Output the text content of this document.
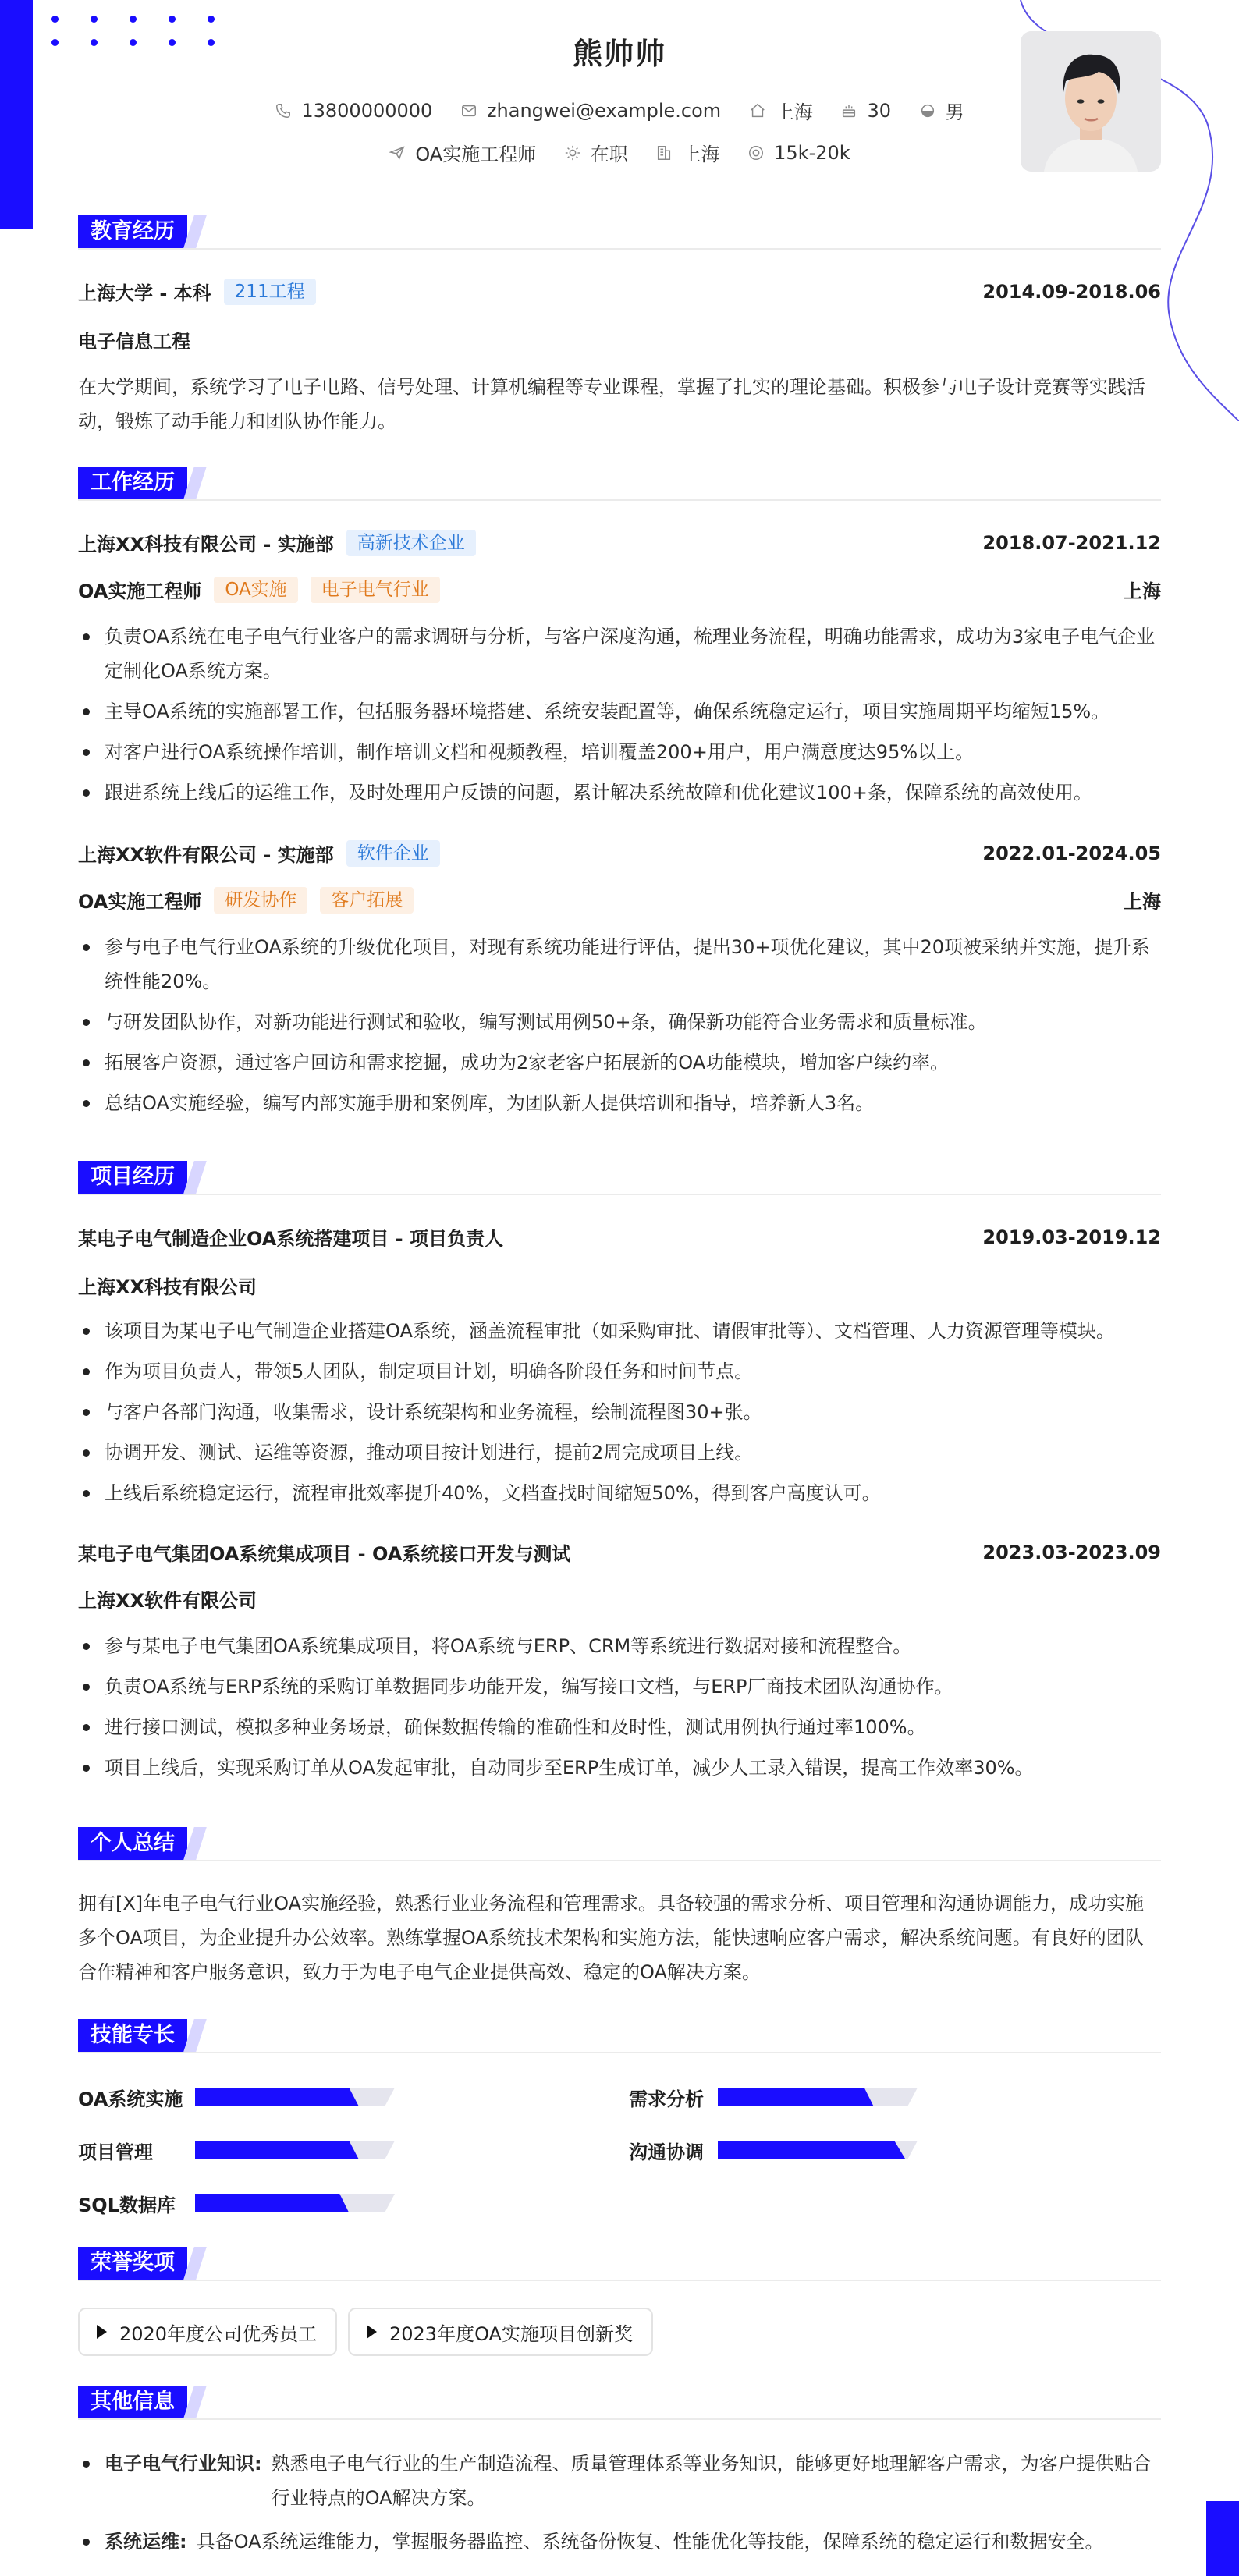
熊帅帅
13800000000
	zhangwei@example.com
	上海
	30
	男
OA实施工程师
	在职
	上海
	15k-20k
教育经历
上海大学 - 本科	211工程	2014.09-2018.06
电子信息工程
在大学期间，系统学习了电子电路、信号处理、计算机编程等专业课程，掌握了扎实的理论基础。积极参与电子设计竞赛等实践活动，锻炼了动手能力和团队协作能力。
工作经历
上海XX科技有限公司 - 实施部	高新技术企业	2018.07-2021.12
OA实施工程师	OA实施	电子电气行业	上海
负责OA系统在电子电气行业客户的需求调研与分析，与客户深度沟通，梳理业务流程，明确功能需求，成功为3家电子电气企业定制化OA系统方案。
主导OA系统的实施部署工作，包括服务器环境搭建、系统安装配置等，确保系统稳定运行，项目实施周期平均缩短15%。
对客户进行OA系统操作培训，制作培训文档和视频教程，培训覆盖200+用户，用户满意度达95%以上。
跟进系统上线后的运维工作，及时处理用户反馈的问题，累计解决系统故障和优化建议100+条，保障系统的高效使用。
上海XX软件有限公司 - 实施部	软件企业	2022.01-2024.05
OA实施工程师	研发协作	客户拓展	上海
参与电子电气行业OA系统的升级优化项目，对现有系统功能进行评估，提出30+项优化建议，其中20项被采纳并实施，提升系统性能20%。
与研发团队协作，对新功能进行测试和验收，编写测试用例50+条，确保新功能符合业务需求和质量标准。
拓展客户资源，通过客户回访和需求挖掘，成功为2家老客户拓展新的OA功能模块，增加客户续约率。
总结OA实施经验，编写内部实施手册和案例库，为团队新人提供培训和指导，培养新人3名。
项目经历
某电子电气制造企业OA系统搭建项目 - 项目负责人	2019.03-2019.12
上海XX科技有限公司
该项目为某电子电气制造企业搭建OA系统，涵盖流程审批（如采购审批、请假审批等）、文档管理、人力资源管理等模块。
作为项目负责人，带领5人团队，制定项目计划，明确各阶段任务和时间节点。
与客户各部门沟通，收集需求，设计系统架构和业务流程，绘制流程图30+张。
协调开发、测试、运维等资源，推动项目按计划进行，提前2周完成项目上线。
上线后系统稳定运行，流程审批效率提升40%，文档查找时间缩短50%，得到客户高度认可。
某电子电气集团OA系统集成项目 - OA系统接口开发与测试	2023.03-2023.09
上海XX软件有限公司
参与某电子电气集团OA系统集成项目，将OA系统与ERP、CRM等系统进行数据对接和流程整合。
负责OA系统与ERP系统的采购订单数据同步功能开发，编写接口文档，与ERP厂商技术团队沟通协作。
进行接口测试，模拟多种业务场景，确保数据传输的准确性和及时性，测试用例执行通过率100%。
项目上线后，实现采购订单从OA发起审批，自动同步至ERP生成订单，减少人工录入错误，提高工作效率30%。
个人总结
拥有[X]年电子电气行业OA实施经验，熟悉行业业务流程和管理需求。具备较强的需求分析、项目管理和沟通协调能力，成功实施多个OA项目，为企业提升办公效率。熟练掌握OA系统技术架构和实施方法，能快速响应客户需求，解决系统问题。有良好的团队合作精神和客户服务意识，致力于为电子电气企业提供高效、稳定的OA解决方案。
技能专长
OA系统实施	需求分析
项目管理	沟通协调
SQL数据库
荣誉奖项
2020年度公司优秀员工	2023年度OA实施项目创新奖
其他信息
电子电气行业知识: 熟悉电子电气行业的生产制造流程、质量管理体系等业务知识，能够更好地理解客户需求，为客户提供贴合行业特点的OA解决方案。
系统运维: 具备OA系统运维能力，掌握服务器监控、系统备份恢复、性能优化等技能，保障系统的稳定运行和数据安全。
